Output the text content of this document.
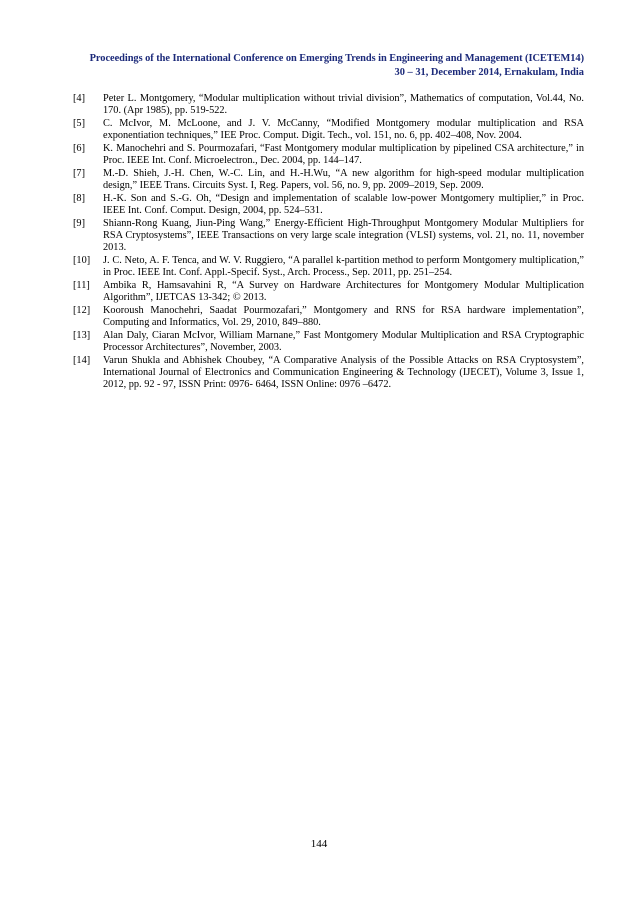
Proceedings of the International Conference on Emerging Trends in Engineering and Management (ICETEM14)
30 – 31, December 2014, Ernakulam, India
[4]	Peter L. Montgomery, “Modular multiplication without trivial division”, Mathematics of computation, Vol.44, No. 170. (Apr 1985), pp. 519-522.
[5]	C. McIvor, M. McLoone, and J. V. McCanny, “Modified Montgomery modular multiplication and RSA exponentiation techniques,” IEE Proc. Comput. Digit. Tech., vol. 151, no. 6, pp. 402–408, Nov. 2004.
[6]	K. Manochehri and S. Pourmozafari, “Fast Montgomery modular multiplication by pipelined CSA architecture,” in Proc. IEEE Int. Conf. Microelectron., Dec. 2004, pp. 144–147.
[7]	M.-D. Shieh, J.-H. Chen, W.-C. Lin, and H.-H.Wu, “A new algorithm for high-speed modular multiplication design,” IEEE Trans. Circuits Syst. I, Reg. Papers, vol. 56, no. 9, pp. 2009–2019, Sep. 2009.
[8]	H.-K. Son and S.-G. Oh, “Design and implementation of scalable low-power Montgomery multiplier,” in Proc. IEEE Int. Conf. Comput. Design, 2004, pp. 524–531.
[9]	Shiann-Rong Kuang, Jiun-Ping Wang,” Energy-Efficient High-Throughput Montgomery Modular Multipliers for RSA Cryptosystems”, IEEE Transactions on very large scale integration (VLSI) systems, vol. 21, no. 11, november 2013.
[10]	J. C. Neto, A. F. Tenca, and W. V. Ruggiero, “A parallel k-partition method to perform Montgomery multiplication,” in Proc. IEEE Int. Conf. Appl.-Specif. Syst., Arch. Process., Sep. 2011, pp. 251–254.
[11]	Ambika R, Hamsavahini R, “A Survey on Hardware Architectures for Montgomery Modular Multiplication Algorithm”, IJETCAS 13-342; © 2013.
[12]	Kooroush Manochehri, Saadat Pourmozafari,” Montgomery and RNS for RSA hardware implementation”, Computing and Informatics, Vol. 29, 2010, 849–880.
[13]	Alan Daly, Ciaran McIvor, William Marnane,” Fast Montgomery Modular Multiplication and RSA Cryptographic Processor Architectures”, November, 2003.
[14]	Varun Shukla and Abhishek Choubey, “A Comparative Analysis of the Possible Attacks on RSA Cryptosystem”, International Journal of Electronics and Communication Engineering & Technology (IJECET), Volume 3, Issue 1, 2012, pp. 92 - 97, ISSN Print: 0976- 6464, ISSN Online: 0976 –6472.
144
